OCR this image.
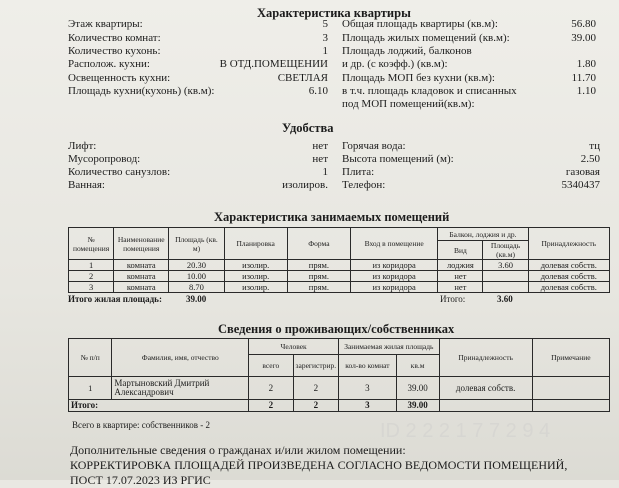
Характеристика квартиры
Этаж квартиры:	5
Количество комнат:	3
Количество кухонь:	1
Располож. кухни:	В ОТД.ПОМЕЩЕНИИ
Освещенность кухни:	СВЕТЛАЯ
Площадь кухни(кухонь) (кв.м):	6.10
Общая площадь квартиры (кв.м):	56.80
Площадь жилых помещений (кв.м):	39.00
Площадь лоджий, балконов
и др. (с коэфф.) (кв.м):	1.80
Площадь МОП без кухни (кв.м):	11.70
в т.ч. площадь кладовок и списанных	1.10
под МОП помещений(кв.м):
Удобства
Лифт:	нет
Мусоропровод:	нет
Количество санузлов:	1
Ванная:	изолиров.
Горячая вода:	тц
Высота помещений (м):	2.50
Плита:	газовая
Телефон:	5340437
Характеристика занимаемых помещений
№ помещения	Наименование помещения	Площадь (кв. м)	Планировка	Форма	Вход в помещение	Балкон, лоджия и др.		Принадлежность
						Вид	Площадь (кв.м)	
1	комната	20.30	изолир.	прям.	из коридора	лоджия	3.60	долевая собств.
2	комната	10.00	изолир.	прям.	из коридора	нет		долевая собств.
3	комната	8.70	изолир.	прям.	из коридора	нет		долевая собств.
Итого жилая площадь:	39.00	Итого:	3.60
Сведения о проживающих/собственниках
№ п/п	Фамилия, имя, отчество	Человек		Занимаемая жилая площадь		Принадлежность	Примечание
		всего	зарегистрир.	кол-во комнат	кв.м		
1	Мартыновский Дмитрий
Александрович	2	2	3	39.00	долевая собств.	
Итого:		2	2	3	39.00		
Всего в квартире: собственников - 2
Дополнительные сведения о гражданах и/или жилом помещении:
КОРРЕКТИРОВКА ПЛОЩАДЕЙ ПРОИЗВЕДЕНА СОГЛАСНО ВЕДОМОСТИ ПОМЕЩЕНИЙ,
ПОСТ 17.07.2023 ИЗ РГИС
ID 2 2 2 1 7 7 2 9 4
